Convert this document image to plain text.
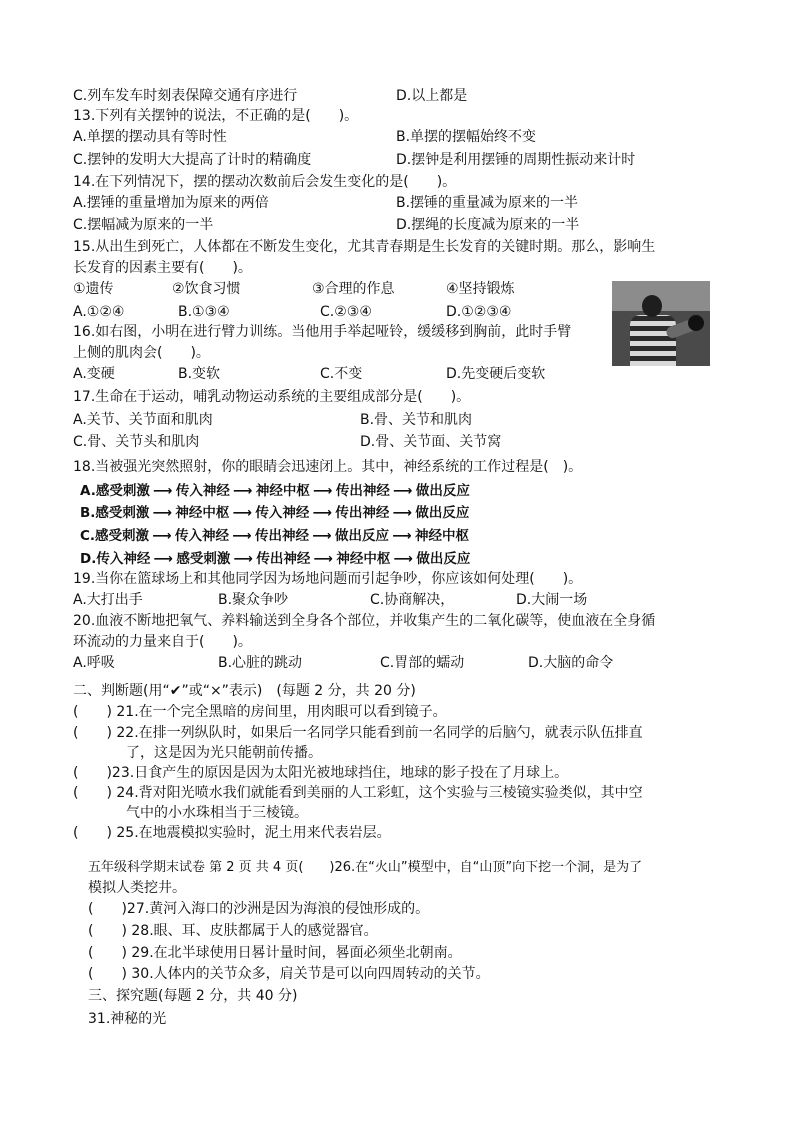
C.列车发车时刻表保障交通有序进行	D.以上都是
13.下列有关摆钟的说法，不正确的是(　　)。
A.单摆的摆动具有等时性	B.单摆的摆幅始终不变
C.摆钟的发明大大提高了计时的精确度	D.摆钟是利用摆锤的周期性振动来计时
14.在下列情况下，摆的摆动次数前后会发生变化的是(　　)。
A.摆锤的重量增加为原来的两倍	B.摆锤的重量减为原来的一半
C.摆幅减为原来的一半	D.摆绳的长度减为原来的一半
15.从出生到死亡，人体都在不断发生变化，尤其青春期是生长发育的关键时期。那么，影响生
长发育的因素主要有(　　)。
①遗传	②饮食习惯	③合理的作息	④坚持锻炼
A.①②④	B.①③④	C.②③④	D.①②③④
16.如右图，小明在进行臂力训练。当他用手举起哑铃，缓缓移到胸前，此时手臂
上侧的肌肉会(　　)。
A.变硬	B.变软	C.不变	D.先变硬后变软
17.生命在于运动，哺乳动物运动系统的主要组成部分是(　　)。
A.关节、关节面和肌肉	B.骨、关节和肌肉
C.骨、关节头和肌肉	D.骨、关节面、关节窝
18.当被强光突然照射，你的眼睛会迅速闭上。其中，神经系统的工作过程是(　)。
A.感受刺激 ⟶ 传入神经 ⟶ 神经中枢 ⟶ 传出神经 ⟶ 做出反应
B.感受刺激 ⟶ 神经中枢 ⟶ 传入神经 ⟶ 传出神经 ⟶ 做出反应
C.感受刺激 ⟶ 传入神经 ⟶ 传出神经 ⟶ 做出反应 ⟶ 神经中枢
D.传入神经 ⟶ 感受刺激 ⟶ 传出神经 ⟶ 神经中枢 ⟶ 做出反应
19.当你在篮球场上和其他同学因为场地问题而引起争吵，你应该如何处理(　　)。
A.大打出手	B.聚众争吵	C.协商解决，	D.大闹一场
20.血液不断地把氧气、养料输送到全身各个部位，并收集产生的二氧化碳等，使血液在全身循
环流动的力量来自于(　　)。
A.呼吸	B.心脏的跳动	C.胃部的蠕动	D.大脑的命令
二、判断题(用“✔”或“×”表示)　(每题 2 分，共 20 分)
(　　) 21.在一个完全黑暗的房间里，用肉眼可以看到镜子。
(　　) 22.在排一列纵队时，如果后一名同学只能看到前一名同学的后脑勺，就表示队伍排直
了，这是因为光只能朝前传播。
(　　)23.日食产生的原因是因为太阳光被地球挡住，地球的影子投在了月球上。
(　　) 24.背对阳光喷水我们就能看到美丽的人工彩虹，这个实验与三棱镜实验类似，其中空
气中的小水珠相当于三棱镜。
(　　) 25.在地震模拟实验时，泥土用来代表岩层。
五年级科学期末试卷 第 2 页 共 4 页(　　)26.在“火山”模型中，自“山顶”向下挖一个洞，是为了
模拟人类挖井。
(　　)27.黄河入海口的沙洲是因为海浪的侵蚀形成的。
(　　) 28.眼、耳、皮肤都属于人的感觉器官。
(　　) 29.在北半球使用日晷计量时间，晷面必须坐北朝南。
(　　) 30.人体内的关节众多，肩关节是可以向四周转动的关节。
三、探究题(每题 2 分，共 40 分)
31.神秘的光
